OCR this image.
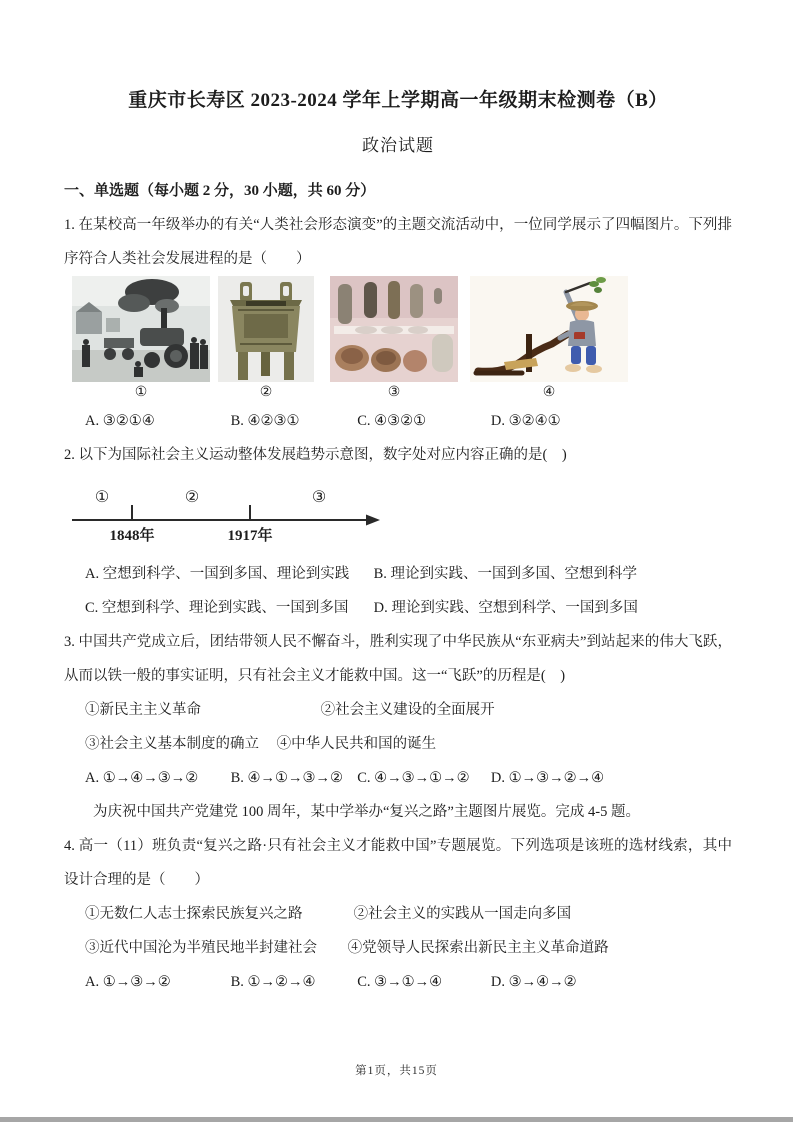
重庆市长寿区 2023-2024 学年上学期高一年级期末检测卷（B）
政治试题
一、单选题（每小题 2 分，30 小题，共 60 分）

1. 在某校高一年级举办的有关“人类社会形态演变”的主题交流活动中，一位同学展示了四幅图片。下列排序符合人类社会发展进程的是（　　）

①	②	③	④
A. ③②①④	B. ④②③①	C. ④③②①	D. ③②④①

2. 以下为国际社会主义运动整体发展趋势示意图，数字处对应内容正确的是(　)

①	②	③
1848年	1917年
A. 空想到科学、一国到多国、理论到实践 B. 理论到实践、一国到多国、空想到科学
C. 空想到科学、理论到实践、一国到多国 D. 理论到实践、空想到科学、一国到多国

3. 中国共产党成立后，团结带领人民不懈奋斗，胜利实现了中华民族从“东亚病夫”到站起来的伟大飞跃，从而以铁一般的事实证明，只有社会主义才能救中国。这一“飞跃”的历程是(　)

①新民主主义革命	②社会主义建设的全面展开
③社会主义基本制度的确立 ④中华人民共和国的诞生
A. ①→④→③→② B. ④→①→③→② C. ④→③→①→② D. ①→③→②→④

为庆祝中国共产党建党 100 周年，某中学举办“复兴之路”主题图片展览。完成 4-5 题。

4. 高一（11）班负责“复兴之路·只有社会主义才能救中国”专题展览。下列选项是该班的选材线索，其中设计合理的是（　　）

①无数仁人志士探索民族复兴之路	②社会主义的实践从一国走向多国
③近代中国沦为半殖民地半封建社会 ④党领导人民探索出新民主主义革命道路
A. ①→③→②	B. ①→②→④	C. ③→①→④	D. ③→④→②
第1页，共15页
